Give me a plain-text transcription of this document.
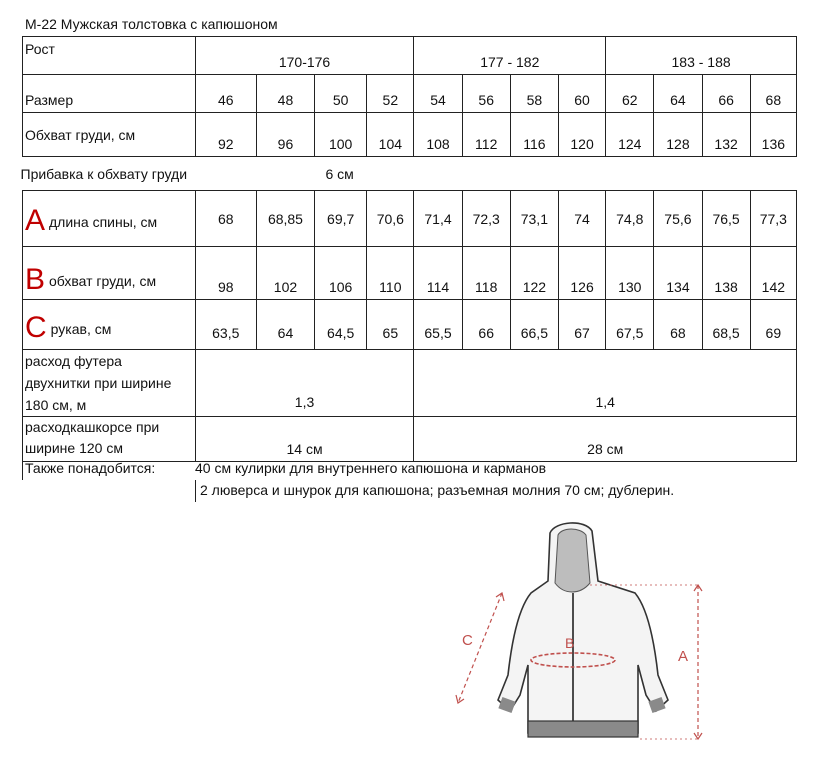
М-22 Мужская толстовка с капюшоном
Рост	170-176				177 - 182				183 - 188			
Размер	46	48	50	52	54	56	58	60	62	64	66	68
Обхват груди, см	92	96	100	104	108	112	116	120	124	128	132	136

Прибавка к обхвату груди 6 см												

A длина спины, см	68	68,85	69,7	70,6	71,4	72,3	73,1	74	74,8	75,6	76,5	77,3
B обхват груди, см	98	102	106	110	114	118	122	126	130	134	138	142
C рукав, см	63,5	64	64,5	65	65,5	66	66,5	67	67,5	68	68,5	69

расход футера
двухнитки при ширине
180 см, м	1,3				1,4							

расходкашкорсе при
ширине 120 см	14 см				28 см							
Также понадобится:	40 см кулирки для внутреннего капюшона и карманов
2 люверса и шнурок для капюшона; разъемная молния 70 см; дублерин.
B
A
C
